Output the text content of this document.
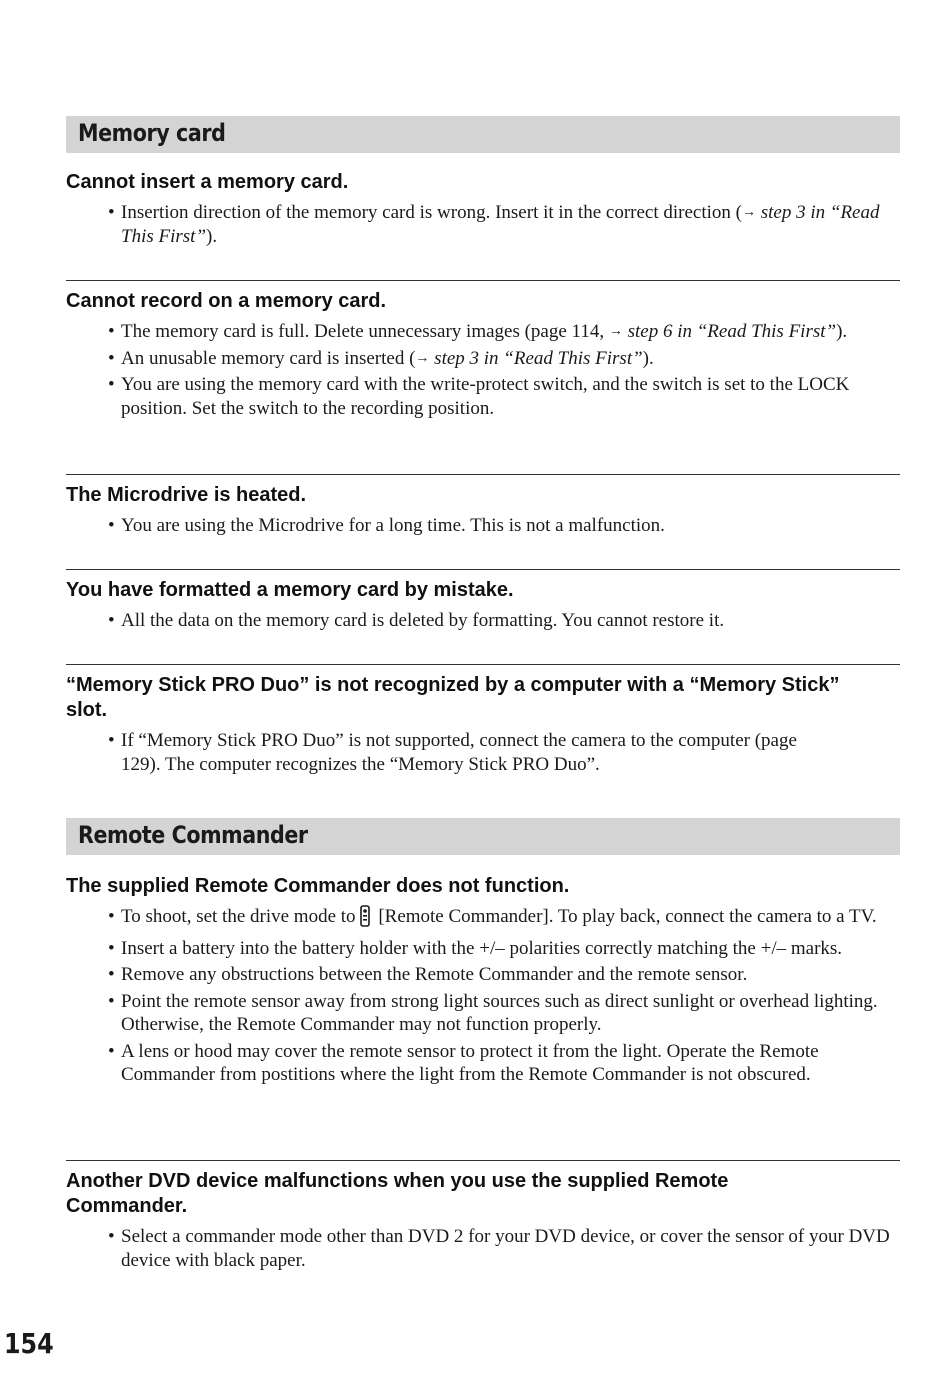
Memory card

Cannot insert a memory card.

• Insertion direction of the memory card is wrong. Insert it in the correct direction (→ step 3 in “Read This First”).

Cannot record on a memory card.

• The memory card is full. Delete unnecessary images (page 114, → step 6 in “Read This First”).
• An unusable memory card is inserted (→ step 3 in “Read This First”).
• You are using the memory card with the write-protect switch, and the switch is set to the LOCK position. Set the switch to the recording position.

The Microdrive is heated.

• You are using the Microdrive for a long time. This is not a malfunction.

You have formatted a memory card by mistake.

• All the data on the memory card is deleted by formatting. You cannot restore it.

“Memory Stick PRO Duo” is not recognized by a computer with a “Memory Stick” slot.

• If “Memory Stick PRO Duo” is not supported, connect the camera to the computer (page 129). The computer recognizes the “Memory Stick PRO Duo”.
Remote Commander

The supplied Remote Commander does not function.

• To shoot, set the drive mode to [Remote Commander]. To play back, connect the camera to a TV.
• Insert a battery into the battery holder with the +/– polarities correctly matching the +/– marks.
• Remove any obstructions between the Remote Commander and the remote sensor.
• Point the remote sensor away from strong light sources such as direct sunlight or overhead lighting. Otherwise, the Remote Commander may not function properly.
• A lens or hood may cover the remote sensor to protect it from the light. Operate the Remote Commander from postitions where the light from the Remote Commander is not obscured.

Another DVD device malfunctions when you use the supplied Remote Commander.

• Select a commander mode other than DVD 2 for your DVD device, or cover the sensor of your DVD device with black paper.
154
